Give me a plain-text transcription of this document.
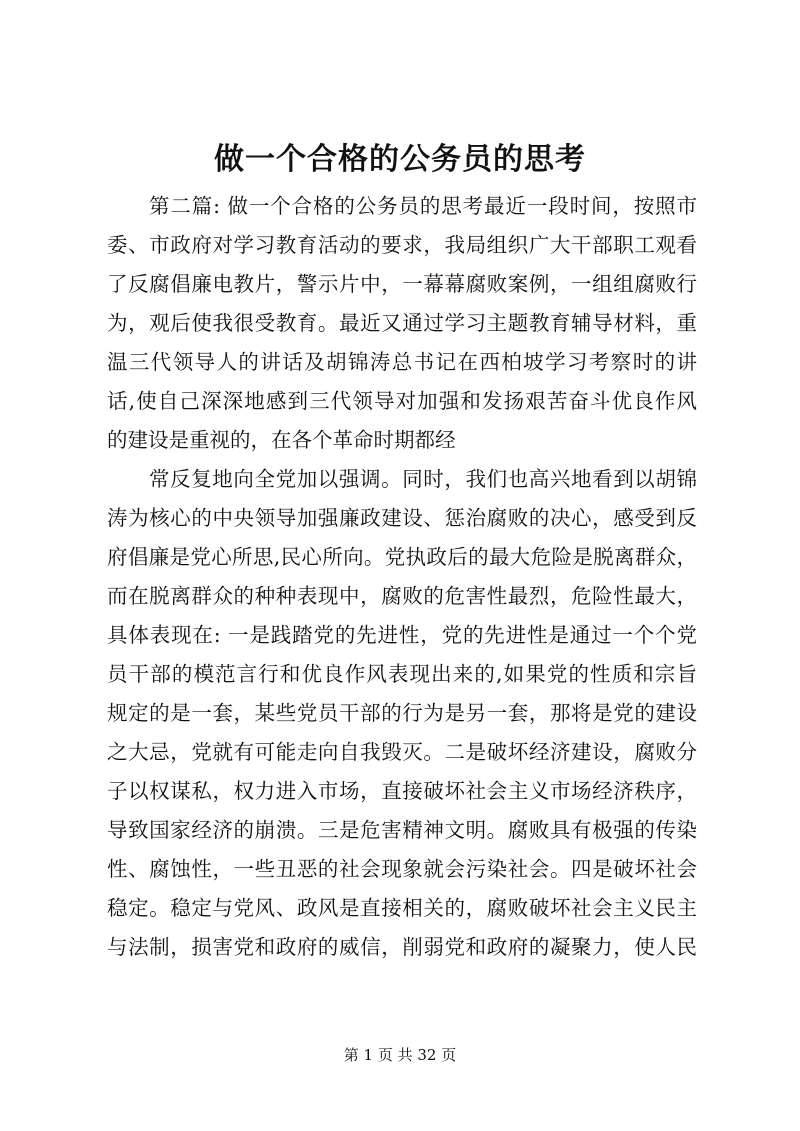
做一个合格的公务员的思考
第二篇: 做一个合格的公务员的思考最近一段时间，按照市
委、市政府对学习教育活动的要求，我局组织广大干部职工观看
了反腐倡廉电教片，警示片中，一幕幕腐败案例，一组组腐败行
为，观后使我很受教育。最近又通过学习主题教育辅导材料，重
温三代领导人的讲话及胡锦涛总书记在西柏坡学习考察时的讲
话,使自己深深地感到三代领导对加强和发扬艰苦奋斗优良作风
的建设是重视的，在各个革命时期都经
常反复地向全党加以强调。同时，我们也高兴地看到以胡锦
涛为核心的中央领导加强廉政建设、惩治腐败的决心，感受到反
府倡廉是党心所思,民心所向。党执政后的最大危险是脱离群众，
而在脱离群众的种种表现中，腐败的危害性最烈，危险性最大，
具体表现在: 一是践踏党的先进性，党的先进性是通过一个个党
员干部的模范言行和优良作风表现出来的,如果党的性质和宗旨
规定的是一套，某些党员干部的行为是另一套，那将是党的建设
之大忌，党就有可能走向自我毁灭。二是破坏经济建设，腐败分
子以权谋私，权力进入市场，直接破坏社会主义市场经济秩序，
导致国家经济的崩溃。三是危害精神文明。腐败具有极强的传染
性、腐蚀性，一些丑恶的社会现象就会污染社会。四是破坏社会
稳定。稳定与党风、政风是直接相关的，腐败破坏社会主义民主
与法制，损害党和政府的威信，削弱党和政府的凝聚力，使人民
第 1 页 共 32 页
